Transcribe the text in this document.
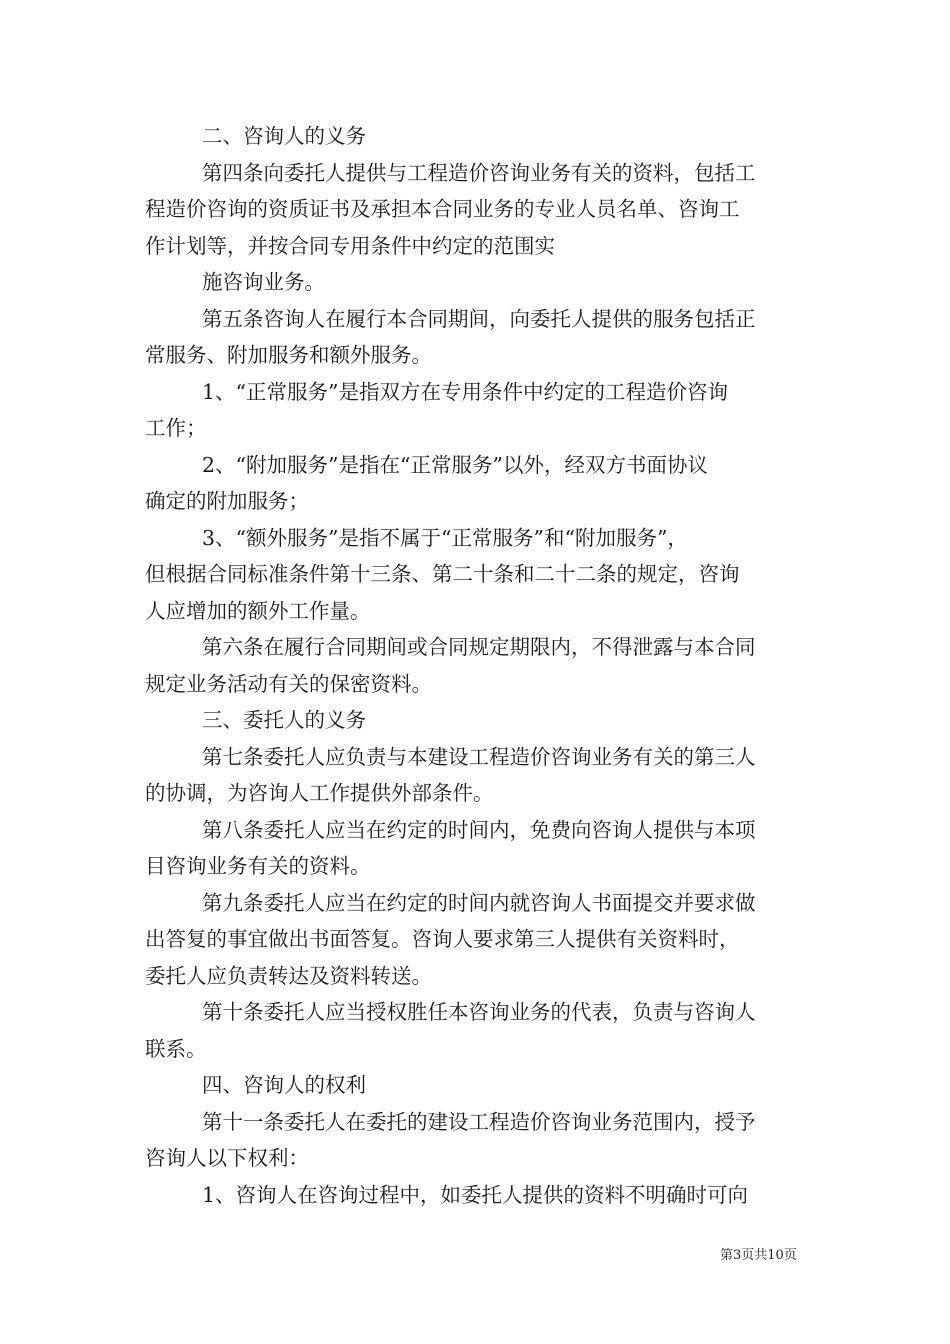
二、咨询人的义务
第四条向委托人提供与工程造价咨询业务有关的资料，包括工
程造价咨询的资质证书及承担本合同业务的专业人员名单、咨询工
作计划等，并按合同专用条件中约定的范围实
施咨询业务。
第五条咨询人在履行本合同期间，向委托人提供的服务包括正
常服务、附加服务和额外服务。
1、“正常服务”是指双方在专用条件中约定的工程造价咨询
工作；
2、“附加服务”是指在“正常服务”以外，经双方书面协议
确定的附加服务；
3、“额外服务”是指不属于“正常服务”和“附加服务”，
但根据合同标准条件第十三条、第二十条和二十二条的规定，咨询
人应增加的额外工作量。
第六条在履行合同期间或合同规定期限内，不得泄露与本合同
规定业务活动有关的保密资料。
三、委托人的义务
第七条委托人应负责与本建设工程造价咨询业务有关的第三人
的协调，为咨询人工作提供外部条件。
第八条委托人应当在约定的时间内，免费向咨询人提供与本项
目咨询业务有关的资料。
第九条委托人应当在约定的时间内就咨询人书面提交并要求做
出答复的事宜做出书面答复。咨询人要求第三人提供有关资料时，
委托人应负责转达及资料转送。
第十条委托人应当授权胜任本咨询业务的代表，负责与咨询人
联系。
四、咨询人的权利
第十一条委托人在委托的建设工程造价咨询业务范围内，授予
咨询人以下权利：
1、咨询人在咨询过程中，如委托人提供的资料不明确时可向
第3页共10页
